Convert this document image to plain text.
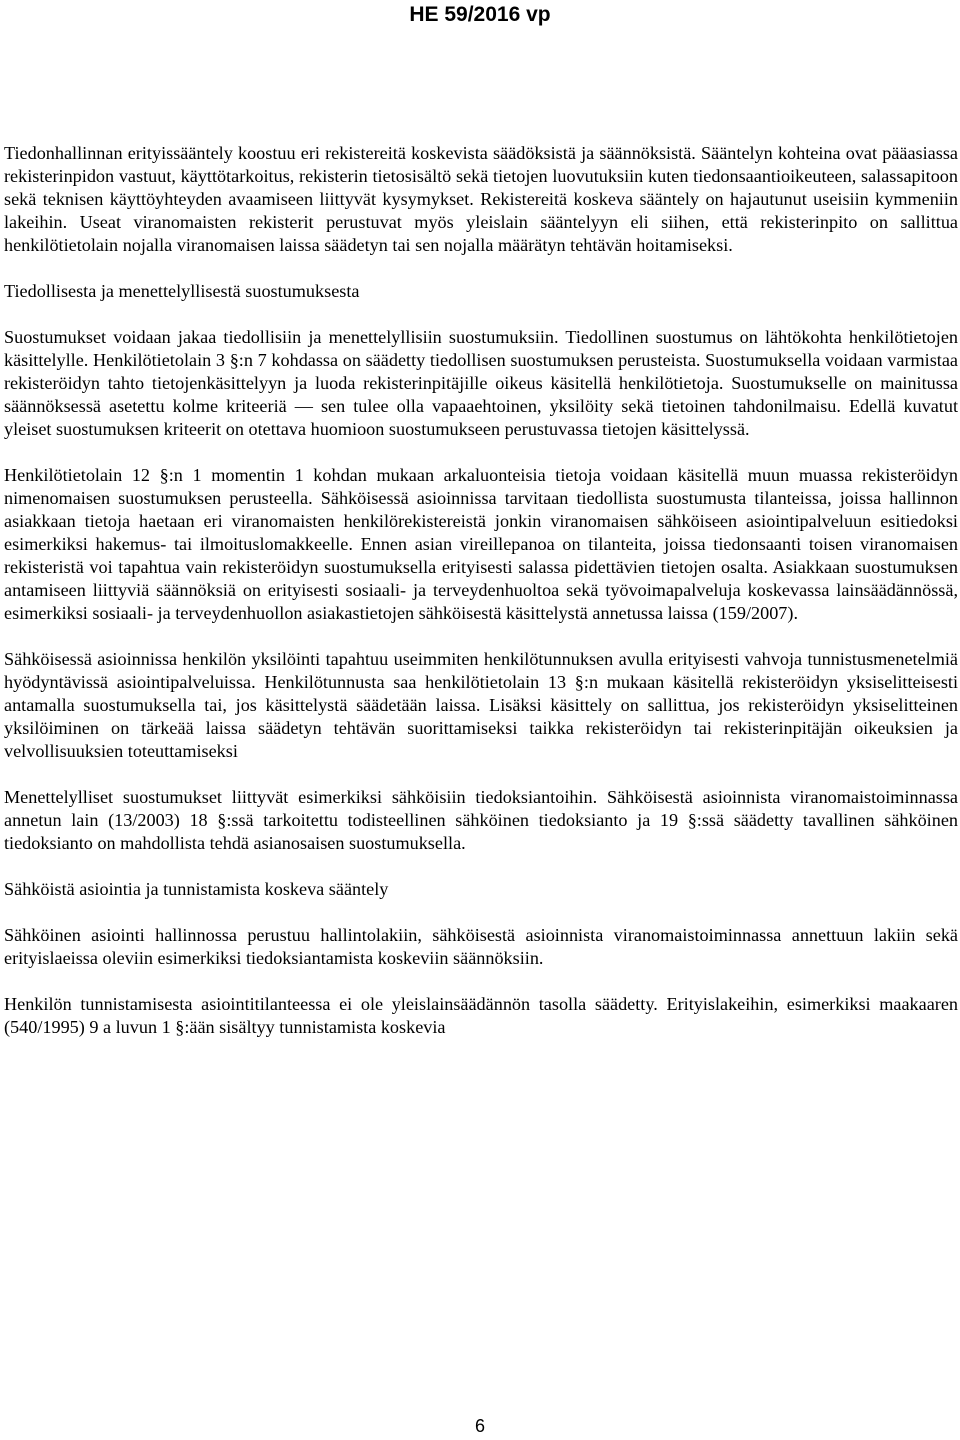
HE 59/2016 vp

Tiedonhallinnan erityissääntely koostuu eri rekistereitä koskevista säädöksistä ja säännöksistä. Sääntelyn kohteina ovat pääasiassa rekisterinpidon vastuut, käyttötarkoitus, rekisterin tietosisältö sekä tietojen luovutuksiin kuten tiedonsaantioikeuteen, salassapitoon sekä teknisen käyttöyhteyden avaamiseen liittyvät kysymykset. Rekistereitä koskeva sääntely on hajautunut useisiin kymmeniin lakeihin. Useat viranomaisten rekisterit perustuvat myös yleislain sääntelyyn eli siihen, että rekisterinpito on sallittua henkilötietolain nojalla viranomaisen laissa säädetyn tai sen nojalla määrätyn tehtävän hoitamiseksi.

Tiedollisesta ja menettelyllisestä suostumuksesta

Suostumukset voidaan jakaa tiedollisiin ja menettelyllisiin suostumuksiin. Tiedollinen suostumus on lähtökohta henkilötietojen käsittelylle. Henkilötietolain 3 §:n 7 kohdassa on säädetty tiedollisen suostumuksen perusteista. Suostumuksella voidaan varmistaa rekisteröidyn tahto tietojenkäsittelyyn ja luoda rekisterinpitäjille oikeus käsitellä henkilötietoja. Suostumukselle on mainitussa säännöksessä asetettu kolme kriteeriä — sen tulee olla vapaaehtoinen, yksilöity sekä tietoinen tahdonilmaisu. Edellä kuvatut yleiset suostumuksen kriteerit on otettava huomioon suostumukseen perustuvassa tietojen käsittelyssä.

Henkilötietolain 12 §:n 1 momentin 1 kohdan mukaan arkaluonteisia tietoja voidaan käsitellä muun muassa rekisteröidyn nimenomaisen suostumuksen perusteella. Sähköisessä asioinnissa tarvitaan tiedollista suostumusta tilanteissa, joissa hallinnon asiakkaan tietoja haetaan eri viranomaisten henkilörekistereistä jonkin viranomaisen sähköiseen asiointipalveluun esitiedoksi esimerkiksi hakemus- tai ilmoituslomakkeelle. Ennen asian vireillepanoa on tilanteita, joissa tiedonsaanti toisen viranomaisen rekisteristä voi tapahtua vain rekisteröidyn suostumuksella erityisesti salassa pidettävien tietojen osalta. Asiakkaan suostumuksen antamiseen liittyviä säännöksiä on erityisesti sosiaali- ja terveydenhuoltoa sekä työvoimapalveluja koskevassa lainsäädännössä, esimerkiksi sosiaali- ja terveydenhuollon asiakastietojen sähköisestä käsittelystä annetussa laissa (159/2007).

Sähköisessä asioinnissa henkilön yksilöinti tapahtuu useimmiten henkilötunnuksen avulla erityisesti vahvoja tunnistusmenetelmiä hyödyntävissä asiointipalveluissa. Henkilötunnusta saa henkilötietolain 13 §:n mukaan käsitellä rekisteröidyn yksiselitteisesti antamalla suostumuksella tai, jos käsittelystä säädetään laissa. Lisäksi käsittely on sallittua, jos rekisteröidyn yksiselitteinen yksilöiminen on tärkeää laissa säädetyn tehtävän suorittamiseksi taikka rekisteröidyn tai rekisterinpitäjän oikeuksien ja velvollisuuksien toteuttamiseksi

Menettelylliset suostumukset liittyvät esimerkiksi sähköisiin tiedoksiantoihin. Sähköisestä asioinnista viranomaistoiminnassa annetun lain (13/2003) 18 §:ssä tarkoitettu todisteellinen sähköinen tiedoksianto ja 19 §:ssä säädetty tavallinen sähköinen tiedoksianto on mahdollista tehdä asianosaisen suostumuksella.

Sähköistä asiointia ja tunnistamista koskeva sääntely

Sähköinen asiointi hallinnossa perustuu hallintolakiin, sähköisestä asioinnista viranomaistoiminnassa annettuun lakiin sekä erityislaeissa oleviin esimerkiksi tiedoksiantamista koskeviin säännöksiin.

Henkilön tunnistamisesta asiointitilanteessa ei ole yleislainsäädännön tasolla säädetty. Erityislakeihin, esimerkiksi maakaaren (540/1995) 9 a luvun 1 §:ään sisältyy tunnistamista koskevia

6
